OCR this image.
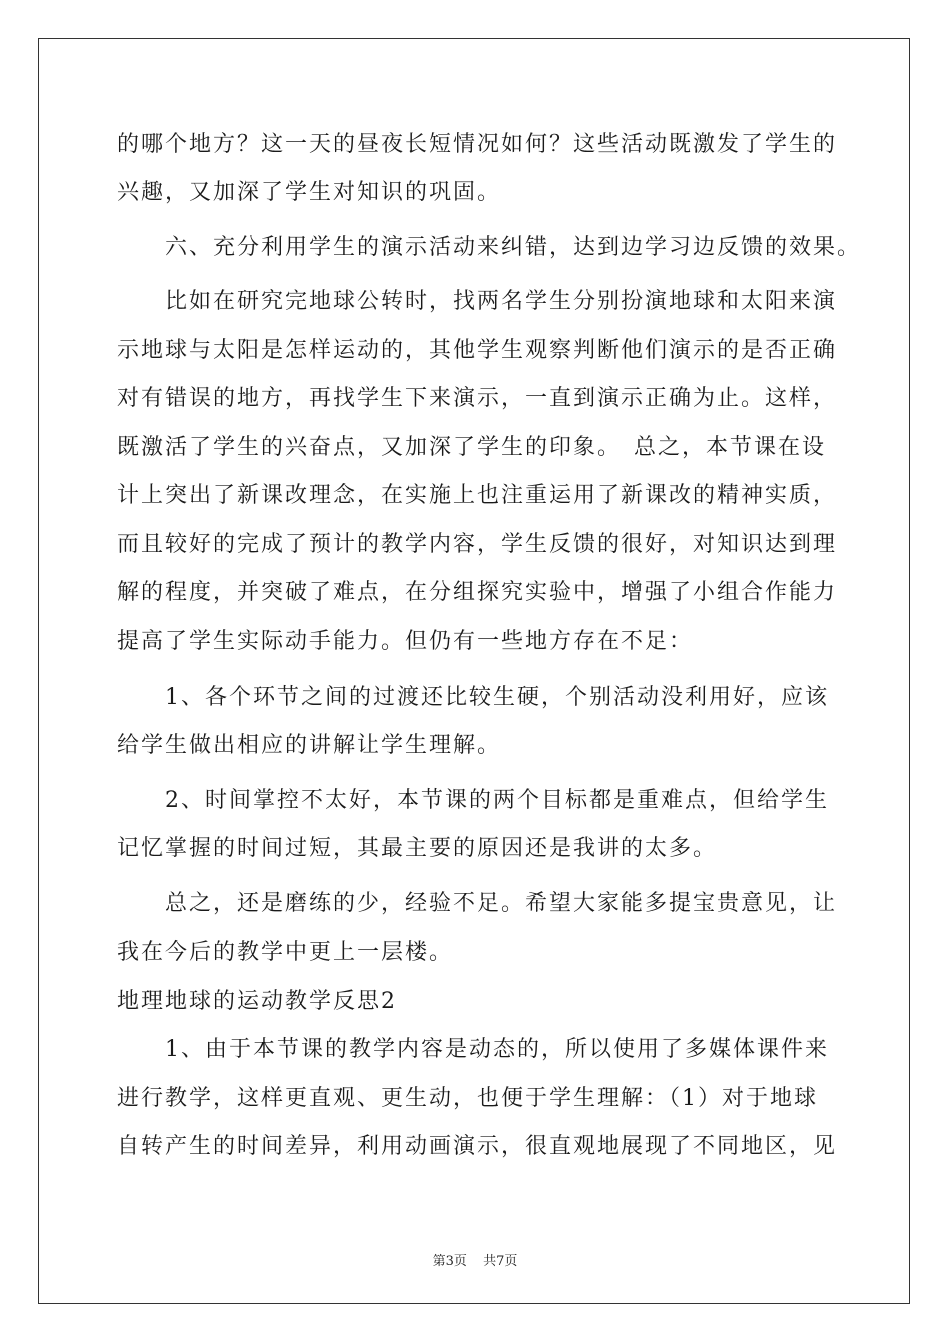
的哪个地方？这一天的昼夜长短情况如何？这些活动既激发了学生的
兴趣，又加深了学生对知识的巩固。
六、充分利用学生的演示活动来纠错，达到边学习边反馈的效果。
比如在研究完地球公转时，找两名学生分别扮演地球和太阳来演
示地球与太阳是怎样运动的，其他学生观察判断他们演示的是否正确
对有错误的地方，再找学生下来演示，一直到演示正确为止。这样，
既激活了学生的兴奋点，又加深了学生的印象。　总之，本节课在设
计上突出了新课改理念，在实施上也注重运用了新课改的精神实质，
而且较好的完成了预计的教学内容，学生反馈的很好，对知识达到理
解的程度，并突破了难点，在分组探究实验中，增强了小组合作能力
提高了学生实际动手能力。但仍有一些地方存在不足：
1、各个环节之间的过渡还比较生硬，个别活动没利用好，应该
给学生做出相应的讲解让学生理解。
2、时间掌控不太好，本节课的两个目标都是重难点，但给学生
记忆掌握的时间过短，其最主要的原因还是我讲的太多。
总之，还是磨练的少，经验不足。希望大家能多提宝贵意见，让
我在今后的教学中更上一层楼。
地理地球的运动教学反思2
1、由于本节课的教学内容是动态的，所以使用了多媒体课件来
进行教学，这样更直观、更生动，也便于学生理解：（1）对于地球
自转产生的时间差异，利用动画演示，很直观地展现了不同地区，见
第3页 共7页
